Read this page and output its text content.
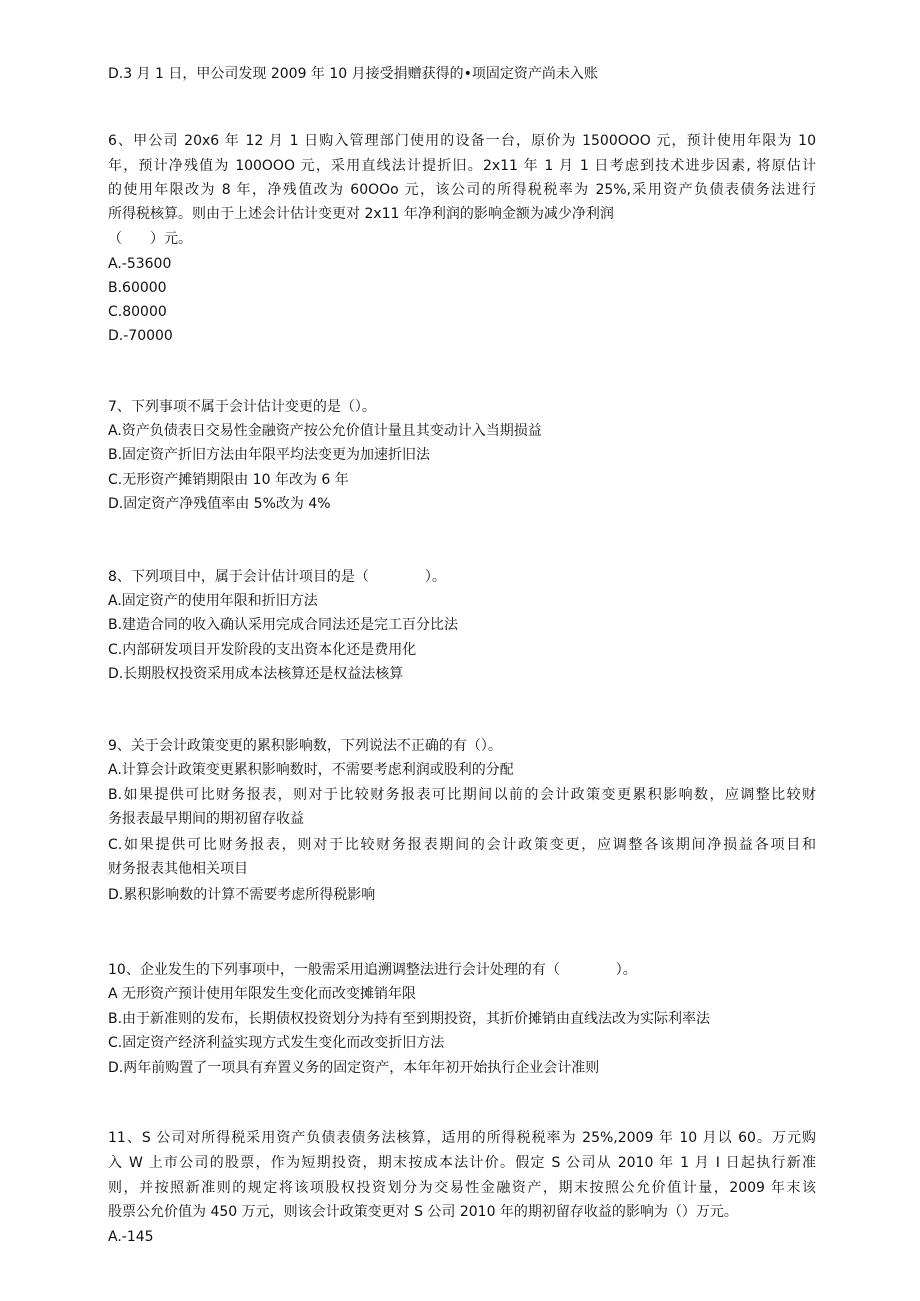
D.3 月 1 日，甲公司发现 2009 年 10 月接受捐赠获得的•项固定资产尚未入账
6、甲公司 20x6 年 12 月 1 日购入管理部门使用的设备一台，原价为 1500OOO 元，预计使用年限为 10
年，预计净残值为 100OOO 元，采用直线法计提折旧。2x11 年 1 月 1 日考虑到技术进步因素, 将原估计
的使用年限改为 8 年，净残值改为 60OOo 元，该公司的所得税税率为 25%,采用资产负债表债务法进行
所得税核算。则由于上述会计估计变更对 2x11 年净利润的影响金额为减少净利润
（　　）元。
A.-53600
B.60000
C.80000
D.-70000
7、下列事项不属于会计估计变更的是（）。
A.资产负债表日交易性金融资产按公允价值计量且其变动计入当期损益
B.固定资产折旧方法由年限平均法变更为加速折旧法
C.无形资产摊销期限由 10 年改为 6 年
D.固定资产净残值率由 5%改为 4%
8、下列项目中，属于会计估计项目的是（　　　　）。
A.固定资产的使用年限和折旧方法
B.建造合同的收入确认采用完成合同法还是完工百分比法
C.内部研发项目开发阶段的支出资本化还是费用化
D.长期股权投资采用成本法核算还是权益法核算
9、关于会计政策变更的累积影响数，下列说法不正确的有（）。
A.计算会计政策变更累积影响数时，不需要考虑利润或股利的分配
B.如果提供可比财务报表，则对于比较财务报表可比期间以前的会计政策变更累积影响数，应调整比较财
务报表最早期间的期初留存收益
C.如果提供可比财务报表，则对于比较财务报表期间的会计政策变更，应调整各该期间净损益各项目和
财务报表其他相关项目
D.累积影响数的计算不需要考虑所得税影响
10、企业发生的下列事项中，一般需采用追溯调整法进行会计处理的有（　　　　）。
A 无形资产预计使用年限发生变化而改变摊销年限
B.由于新准则的发布，长期债权投资划分为持有至到期投资，其折价摊销由直线法改为实际利率法
C.固定资产经济利益实现方式发生变化而改变折旧方法
D.两年前购置了一项具有弃置义务的固定资产，本年年初开始执行企业会计准则
11、S 公司对所得税采用资产负债表债务法核算，适用的所得税税率为 25%,2009 年 10 月以 60。万元购
入 W 上市公司的股票，作为短期投资，期末按成本法计价。假定 S 公司从 2010 年 1 月 I 日起执行新准
则，并按照新准则的规定将该项股权投资划分为交易性金融资产，期末按照公允价值计量，2009 年末该
股票公允价值为 450 万元，则该会计政策变更对 S 公司 2010 年的期初留存收益的影响为（）万元。
A.-145
